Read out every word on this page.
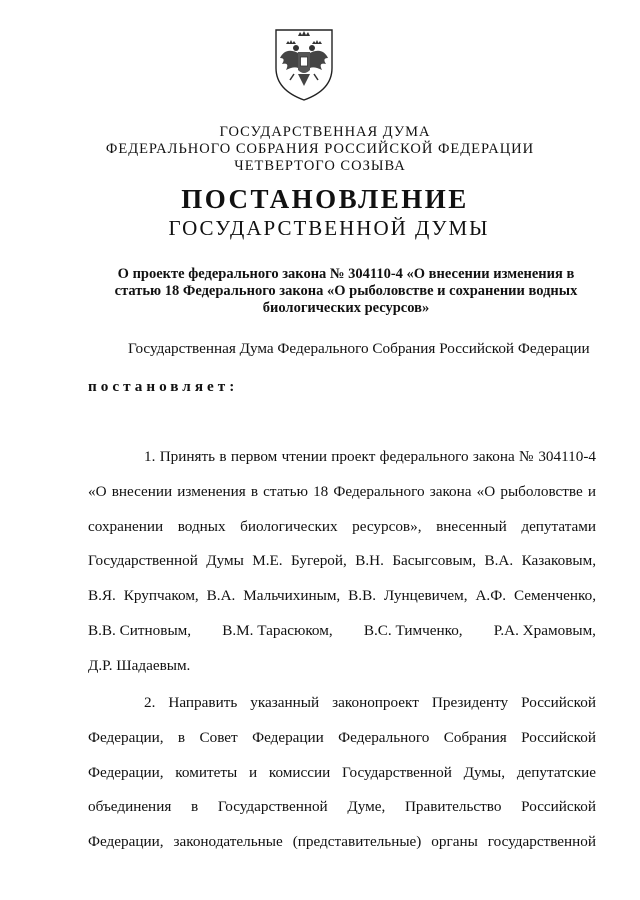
ГОСУДАРСТВЕННАЯ ДУМА
ФЕДЕРАЛЬНОГО СОБРАНИЯ РОССИЙСКОЙ ФЕДЕРАЦИИ
ЧЕТВЕРТОГО СОЗЫВА
ПОСТАНОВЛЕНИЕ
ГОСУДАРСТВЕННОЙ ДУМЫ
О проекте федерального закона № 304110-4 «О внесении изменения в
статью 18 Федерального закона «О рыболовстве и сохранении водных
биологических ресурсов»
Государственная Дума Федерального Собрания Российской Федерации
постановляет:
1. Принять в первом чтении проект федерального закона № 304110-4
«О внесении изменения в статью 18 Федерального закона «О рыболовстве и
сохранении водных биологических ресурсов», внесенный депутатами
Государственной Думы М.Е. Бугерой, В.Н. Басыгсовым, В.А. Казаковым,
В.Я. Крупчаком, В.А. Мальчихиным, В.В. Лунцевичем, А.Ф. Семенченко,
В.В. Ситновым, В.М. Тарасюком, В.С. Тимченко, Р.А. Храмовым,
Д.Р. Шадаевым.
2. Направить указанный законопроект Президенту Российской
Федерации, в Совет Федерации Федерального Собрания Российской
Федерации, комитеты и комиссии Государственной Думы, депутатские
объединения в Государственной Думе, Правительство Российской
Федерации, законодательные (представительные) органы государственной
